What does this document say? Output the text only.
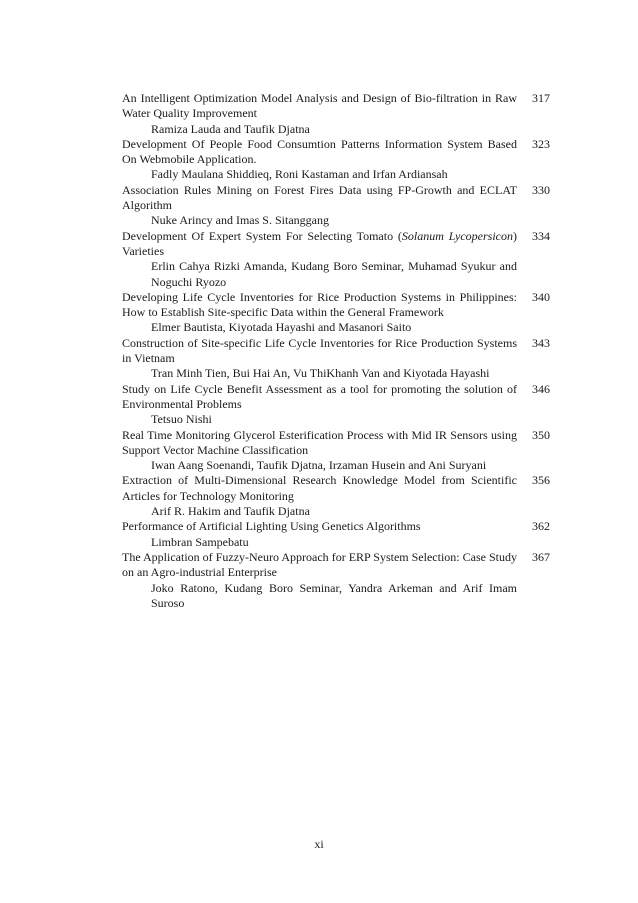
An Intelligent Optimization Model Analysis and Design of Bio-filtration in Raw Water Quality Improvement

Ramiza Lauda and Taufik Djatna

317

Development Of People Food Consumtion Patterns Information System Based On Webmobile Application.

Fadly Maulana Shiddieq, Roni Kastaman and Irfan Ardiansah

323

Association Rules Mining on Forest Fires Data using FP-Growth and ECLAT Algorithm

Nuke Arincy and Imas S. Sitanggang

330

Development Of Expert System For Selecting Tomato (Solanum Lycopersicon) Varieties

Erlin Cahya Rizki Amanda, Kudang Boro Seminar, Muhamad Syukur and Noguchi Ryozo

334

Developing Life Cycle Inventories for Rice Production Systems in Philippines: How to Establish Site-specific Data within the General Framework

Elmer Bautista, Kiyotada Hayashi and Masanori Saito

340

Construction of Site-specific Life Cycle Inventories for Rice Production Systems in Vietnam

Tran Minh Tien, Bui Hai An, Vu ThiKhanh Van and Kiyotada Hayashi

343

Study on Life Cycle Benefit Assessment as a tool for promoting the solution of Environmental Problems

Tetsuo Nishi

346

Real Time Monitoring Glycerol Esterification Process with Mid IR Sensors using Support Vector Machine Classification

Iwan Aang Soenandi, Taufik Djatna, Irzaman Husein and Ani Suryani

350

Extraction of Multi-Dimensional Research Knowledge Model from Scientific Articles for Technology Monitoring

Arif R. Hakim and Taufik Djatna

356

Performance of Artificial Lighting Using Genetics Algorithms

Limbran Sampebatu

362

The Application of Fuzzy-Neuro Approach for ERP System Selection: Case Study on an Agro-industrial Enterprise

Joko Ratono, Kudang Boro Seminar, Yandra Arkeman and Arif Imam Suroso

367
xi
